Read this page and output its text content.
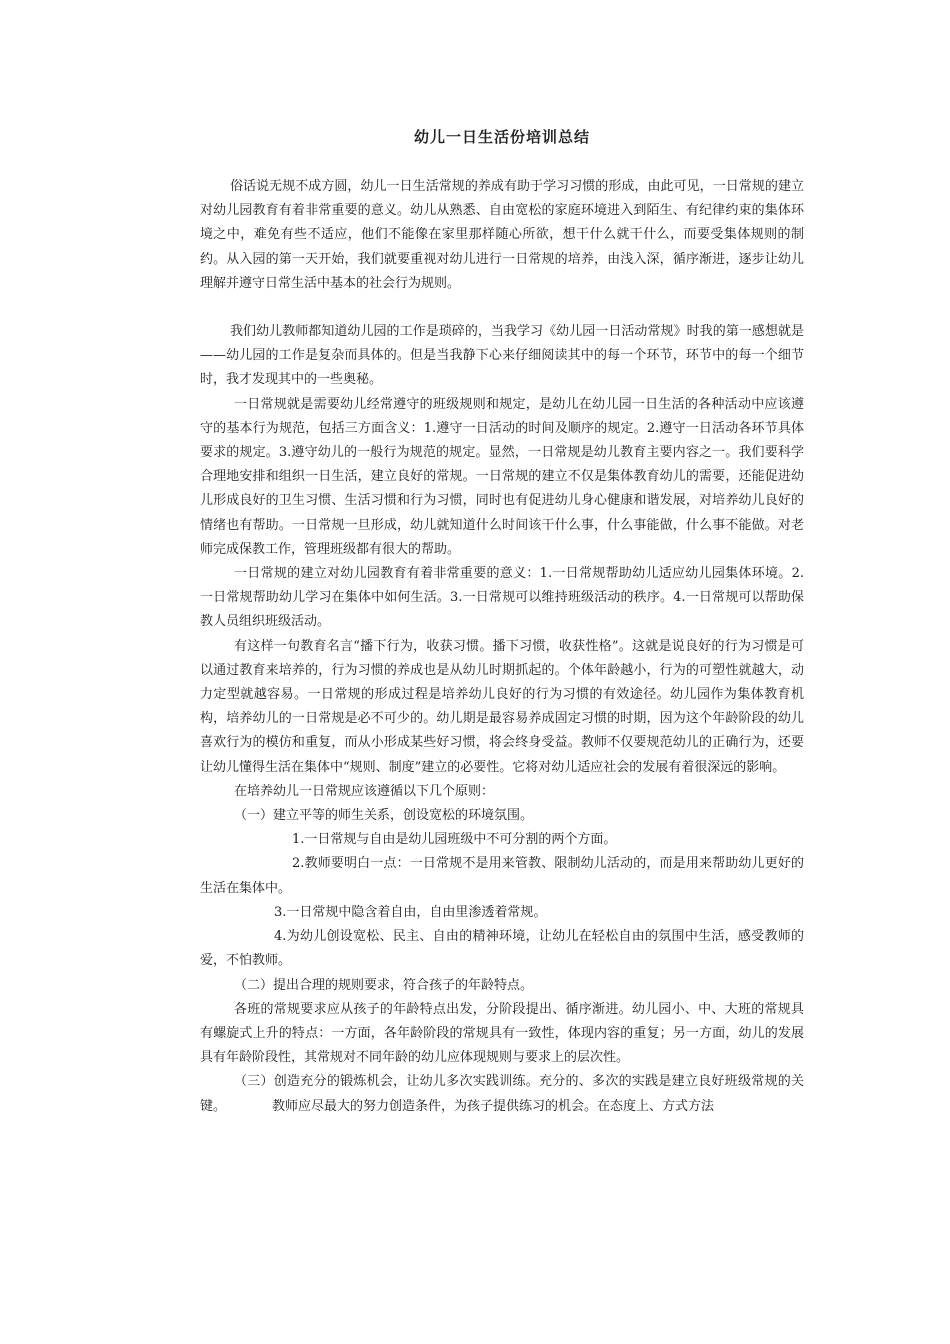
幼儿一日生活份培训总结

俗话说无规不成方圆，幼儿一日生活常规的养成有助于学习习惯的形成，由此可见，一日常规的建立对幼儿园教育有着非常重要的意义。幼儿从熟悉、自由宽松的家庭环境进入到陌生、有纪律约束的集体环境之中，难免有些不适应，他们不能像在家里那样随心所欲，想干什么就干什么，而要受集体规则的制约。从入园的第一天开始，我们就要重视对幼儿进行一日常规的培养，由浅入深，循序渐进，逐步让幼儿理解并遵守日常生活中基本的社会行为规则。

我们幼儿教师都知道幼儿园的工作是琐碎的，当我学习《幼儿园一日活动常规》时我的第一感想就是——幼儿园的工作是复杂而具体的。但是当我静下心来仔细阅读其中的每一个环节，环节中的每一个细节时，我才发现其中的一些奥秘。

一日常规就是需要幼儿经常遵守的班级规则和规定，是幼儿在幼儿园一日生活的各种活动中应该遵守的基本行为规范，包括三方面含义：1.遵守一日活动的时间及顺序的规定。2.遵守一日活动各环节具体要求的规定。3.遵守幼儿的一般行为规范的规定。显然，一日常规是幼儿教育主要内容之一。我们要科学合理地安排和组织一日生活，建立良好的常规。一日常规的建立不仅是集体教育幼儿的需要，还能促进幼儿形成良好的卫生习惯、生活习惯和行为习惯，同时也有促进幼儿身心健康和谐发展，对培养幼儿良好的情绪也有帮助。一日常规一旦形成，幼儿就知道什么时间该干什么事，什么事能做，什么事不能做。对老师完成保教工作，管理班级都有很大的帮助。

一日常规的建立对幼儿园教育有着非常重要的意义：1.一日常规帮助幼儿适应幼儿园集体环境。2.一日常规帮助幼儿学习在集体中如何生活。3.一日常规可以维持班级活动的秩序。4.一日常规可以帮助保教人员组织班级活动。

有这样一句教育名言“播下行为，收获习惯。播下习惯，收获性格”。这就是说良好的行为习惯是可以通过教育来培养的，行为习惯的养成也是从幼儿时期抓起的。个体年龄越小，行为的可塑性就越大，动力定型就越容易。一日常规的形成过程是培养幼儿良好的行为习惯的有效途径。幼儿园作为集体教育机构，培养幼儿的一日常规是必不可少的。幼儿期是最容易养成固定习惯的时期，因为这个年龄阶段的幼儿喜欢行为的模仿和重复，而从小形成某些好习惯，将会终身受益。教师不仅要规范幼儿的正确行为，还要让幼儿懂得生活在集体中“规则、制度”建立的必要性。它将对幼儿适应社会的发展有着很深远的影响。

在培养幼儿一日常规应该遵循以下几个原则：

（一）建立平等的师生关系，创设宽松的环境氛围。

1.一日常规与自由是幼儿园班级中不可分割的两个方面。

2.教师要明白一点：一日常规不是用来管教、限制幼儿活动的，而是用来帮助幼儿更好的生活在集体中。

3.一日常规中隐含着自由，自由里渗透着常规。

4.为幼儿创设宽松、民主、自由的精神环境，让幼儿在轻松自由的氛围中生活，感受教师的爱，不怕教师。

（二）提出合理的规则要求，符合孩子的年龄特点。

各班的常规要求应从孩子的年龄特点出发，分阶段提出、循序渐进。幼儿园小、中、大班的常规具有螺旋式上升的特点：一方面，各年龄阶段的常规具有一致性，体现内容的重复；另一方面，幼儿的发展具有年龄阶段性，其常规对不同年龄的幼儿应体现规则与要求上的层次性。

（三）创造充分的锻炼机会，让幼儿多次实践训练。充分的、多次的实践是建立良好班级常规的关键。	教师应尽最大的努力创造条件，为孩子提供练习的机会。在态度上、方式方法
